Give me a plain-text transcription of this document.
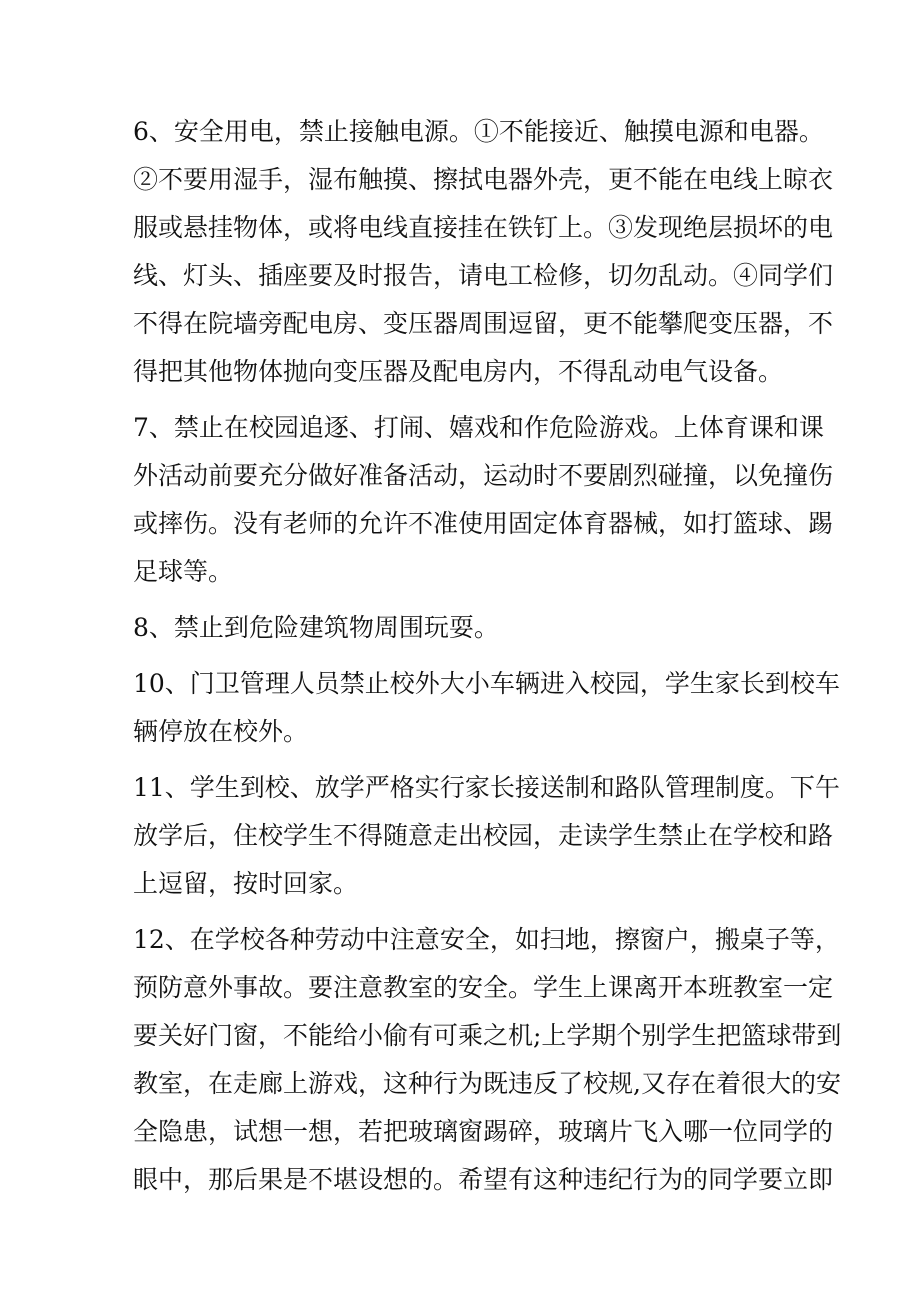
6、安全用电，禁止接触电源。①不能接近、触摸电源和电器。
②不要用湿手，湿布触摸、擦拭电器外壳，更不能在电线上晾衣
服或悬挂物体，或将电线直接挂在铁钉上。③发现绝层损坏的电
线、灯头、插座要及时报告，请电工检修，切勿乱动。④同学们
不得在院墙旁配电房、变压器周围逗留，更不能攀爬变压器，不
得把其他物体抛向变压器及配电房内，不得乱动电气设备。
7、禁止在校园追逐、打闹、嬉戏和作危险游戏。上体育课和课
外活动前要充分做好准备活动，运动时不要剧烈碰撞，以免撞伤
或摔伤。没有老师的允许不准使用固定体育器械，如打篮球、踢
足球等。
8、禁止到危险建筑物周围玩耍。
10、门卫管理人员禁止校外大小车辆进入校园，学生家长到校车
辆停放在校外。
11、学生到校、放学严格实行家长接送制和路队管理制度。下午
放学后，住校学生不得随意走出校园，走读学生禁止在学校和路
上逗留，按时回家。
12、在学校各种劳动中注意安全，如扫地，擦窗户，搬桌子等，
预防意外事故。要注意教室的安全。学生上课离开本班教室一定
要关好门窗，不能给小偷有可乘之机;上学期个别学生把篮球带到
教室，在走廊上游戏，这种行为既违反了校规,又存在着很大的安
全隐患，试想一想，若把玻璃窗踢碎，玻璃片飞入哪一位同学的
眼中，那后果是不堪设想的。希望有这种违纪行为的同学要立即
